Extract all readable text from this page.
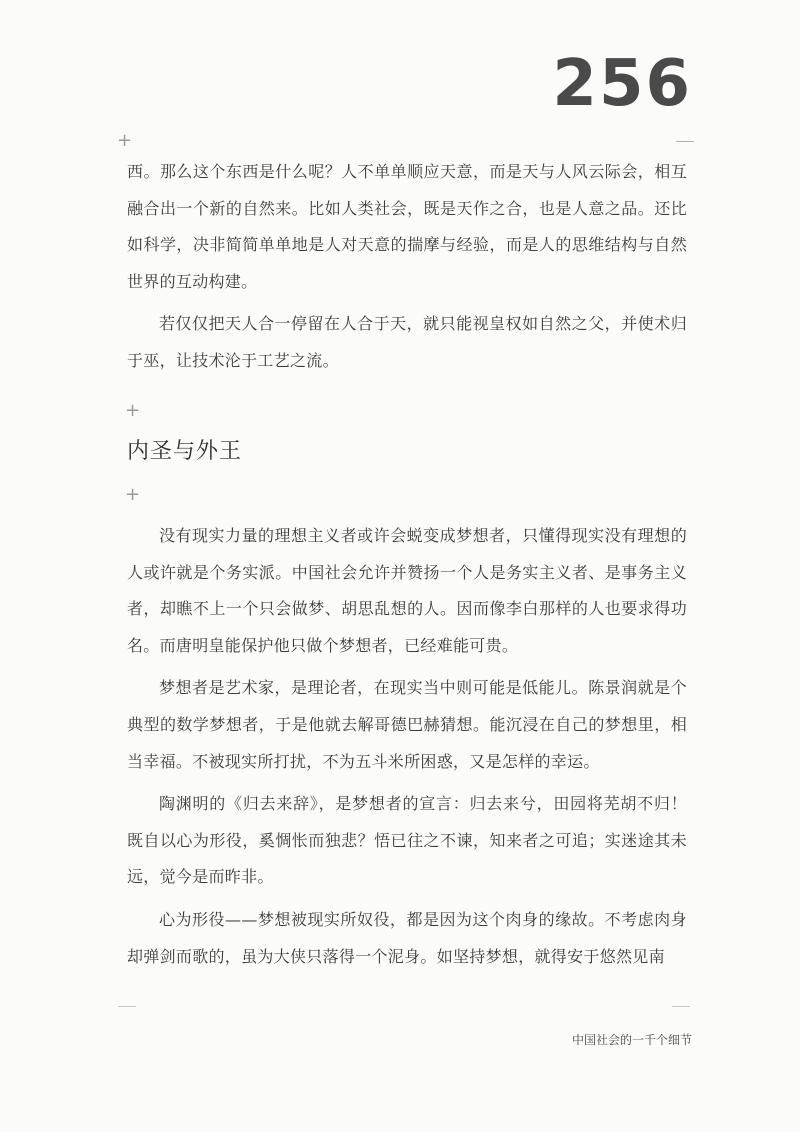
256
+

西。那么这个东西是什么呢？人不单单顺应天意，而是天与人风云际会，相互融合出一个新的自然来。比如人类社会，既是天作之合，也是人意之品。还比如科学，决非简简单单地是人对天意的揣摩与经验，而是人的思维结构与自然世界的互动构建。

若仅仅把天人合一停留在人合于天，就只能视皇权如自然之父，并使术归于巫，让技术沦于工艺之流。

+
内圣与外王
+

没有现实力量的理想主义者或许会蜕变成梦想者，只懂得现实没有理想的人或许就是个务实派。中国社会允许并赞扬一个人是务实主义者、是事务主义者，却瞧不上一个只会做梦、胡思乱想的人。因而像李白那样的人也要求得功名。而唐明皇能保护他只做个梦想者，已经难能可贵。

梦想者是艺术家，是理论者，在现实当中则可能是低能儿。陈景润就是个典型的数学梦想者，于是他就去解哥德巴赫猜想。能沉浸在自己的梦想里，相当幸福。不被现实所打扰，不为五斗米所困惑，又是怎样的幸运。

陶渊明的《归去来辞》，是梦想者的宣言：归去来兮，田园将芜胡不归！既自以心为形役，奚惆怅而独悲？悟已往之不谏，知来者之可追；实迷途其未远，觉今是而昨非。

心为形役——梦想被现实所奴役，都是因为这个肉身的缘故。不考虑肉身却弹剑而歌的，虽为大侠只落得一个泥身。如坚持梦想，就得安于悠然见南

中国社会的一千个细节
